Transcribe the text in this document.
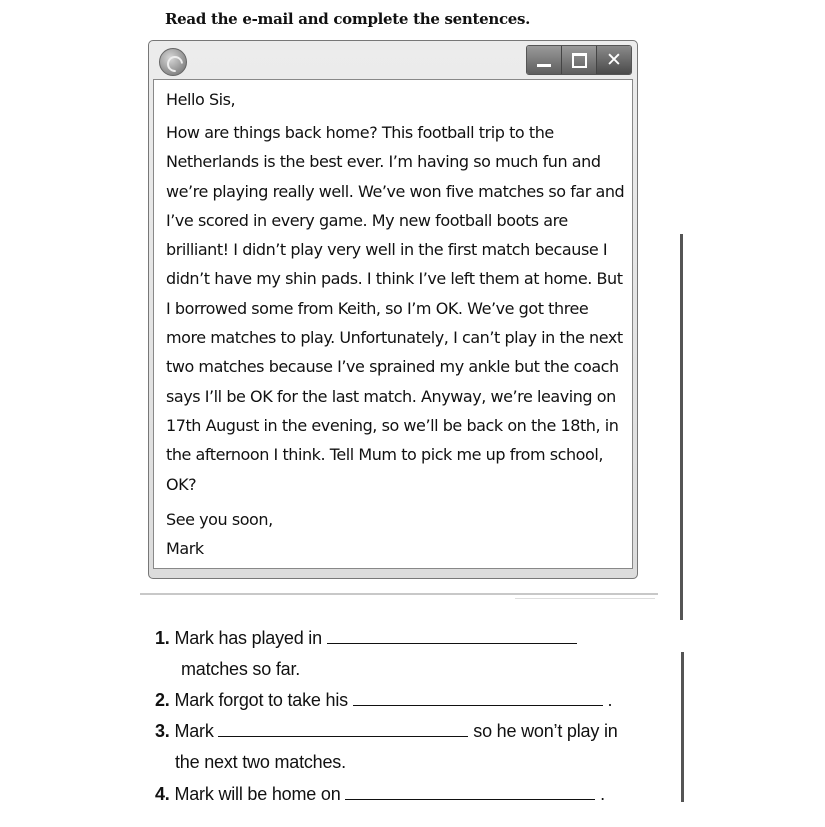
Read the e-mail and complete the sentences.
✕
Hello Sis,

How are things back home? This football trip to the Netherlands is the best ever. I’m having so much fun and we’re playing really well. We’ve won five matches so far and I’ve scored in every game. My new football boots are brilliant! I didn’t play very well in the first match because I didn’t have my shin pads. I think I’ve left them at home. But I borrowed some from Keith, so I’m OK. We’ve got three more matches to play. Unfortunately, I can’t play in the next two matches because I’ve sprained my ankle but the coach says I’ll be OK for the last match. Anyway, we’re leaving on 17th August in the evening, so we’ll be back on the 18th, in the afternoon I think. Tell Mum to pick me up from school, OK?

See you soon,
Mark
1. Mark has played in
matches so far.
2. Mark forgot to take his	.
3. Mark	so he won’t play in
the next two matches.
4. Mark will be home on	.
